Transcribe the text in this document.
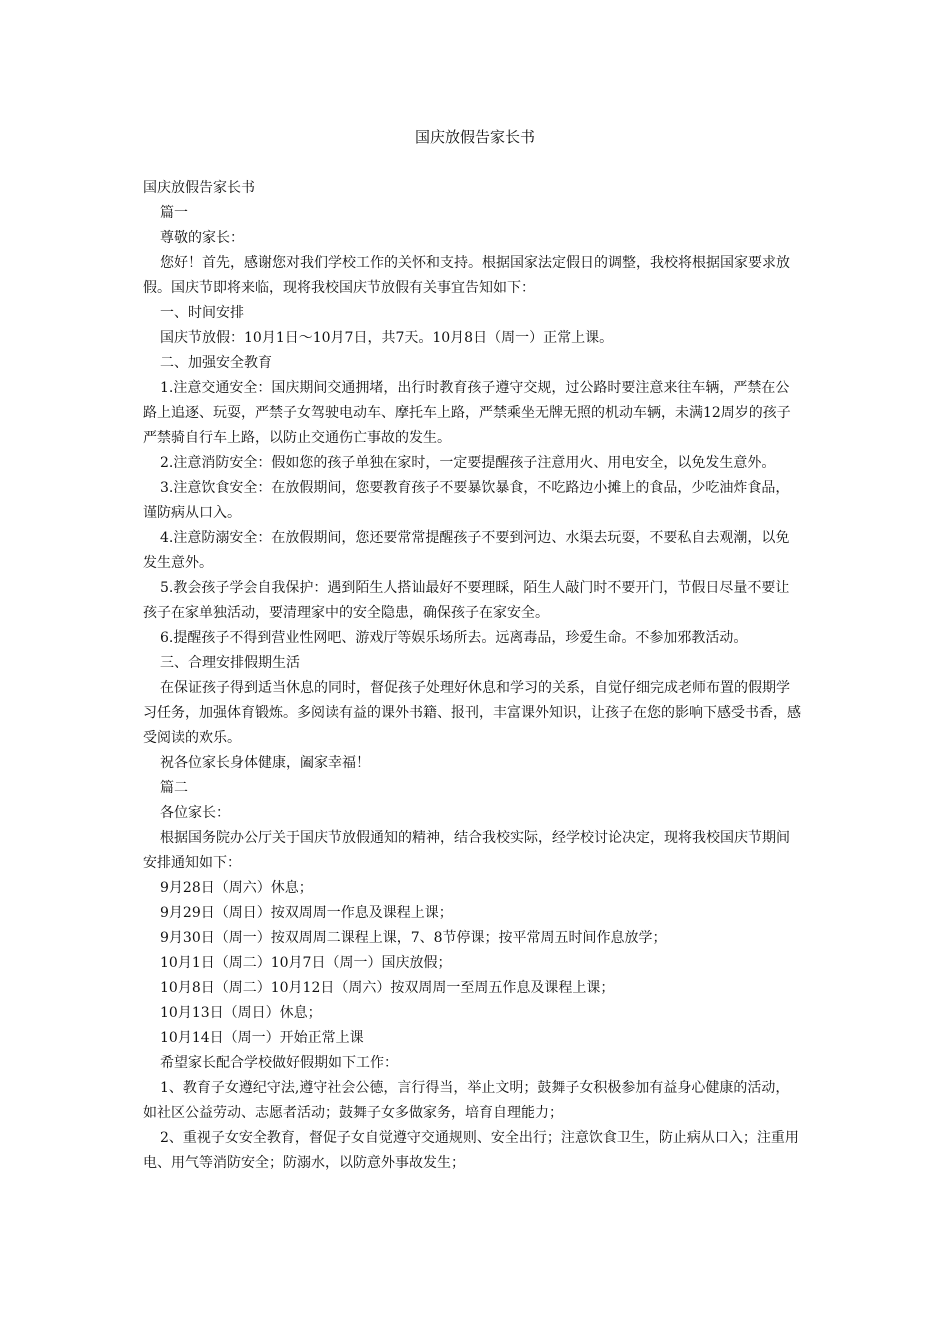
国庆放假告家长书

国庆放假告家长书

篇一

尊敬的家长：

您好！首先，感谢您对我们学校工作的关怀和支持。根据国家法定假日的调整，我校将根据国家要求放假。国庆节即将来临，现将我校国庆节放假有关事宜告知如下：

一、时间安排

国庆节放假：10月1日～10月7日，共7天。10月8日（周一）正常上课。

二、加强安全教育

1.注意交通安全：国庆期间交通拥堵，出行时教育孩子遵守交规，过公路时要注意来往车辆，严禁在公路上追逐、玩耍，严禁子女驾驶电动车、摩托车上路，严禁乘坐无牌无照的机动车辆，未满12周岁的孩子严禁骑自行车上路，以防止交通伤亡事故的发生。

2.注意消防安全：假如您的孩子单独在家时，一定要提醒孩子注意用火、用电安全，以免发生意外。

3.注意饮食安全：在放假期间，您要教育孩子不要暴饮暴食，不吃路边小摊上的食品，少吃油炸食品，谨防病从口入。

4.注意防溺安全：在放假期间，您还要常常提醒孩子不要到河边、水渠去玩耍，不要私自去观潮，以免发生意外。

5.教会孩子学会自我保护：遇到陌生人搭讪最好不要理睬，陌生人敲门时不要开门，节假日尽量不要让孩子在家单独活动，要清理家中的安全隐患，确保孩子在家安全。

6.提醒孩子不得到营业性网吧、游戏厅等娱乐场所去。远离毒品，珍爱生命。不参加邪教活动。

三、合理安排假期生活

在保证孩子得到适当休息的同时，督促孩子处理好休息和学习的关系，自觉仔细完成老师布置的假期学习任务，加强体育锻炼。多阅读有益的课外书籍、报刊，丰富课外知识，让孩子在您的影响下感受书香，感受阅读的欢乐。

祝各位家长身体健康，阖家幸福！

篇二

各位家长：

根据国务院办公厅关于国庆节放假通知的精神，结合我校实际，经学校讨论决定，现将我校国庆节期间安排通知如下：

9月28日（周六）休息；

9月29日（周日）按双周周一作息及课程上课；

9月30日（周一）按双周周二课程上课，7、8节停课；按平常周五时间作息放学；

10月1日（周二）10月7日（周一）国庆放假；

10月8日（周二）10月12日（周六）按双周周一至周五作息及课程上课；

10月13日（周日）休息；

10月14日（周一）开始正常上课

希望家长配合学校做好假期如下工作：

1、教育子女遵纪守法,遵守社会公德，言行得当，举止文明；鼓舞子女积极参加有益身心健康的活动，如社区公益劳动、志愿者活动；鼓舞子女多做家务，培育自理能力；

2、重视子女安全教育，督促子女自觉遵守交通规则、安全出行；注意饮食卫生，防止病从口入；注重用电、用气等消防安全；防溺水，以防意外事故发生；
